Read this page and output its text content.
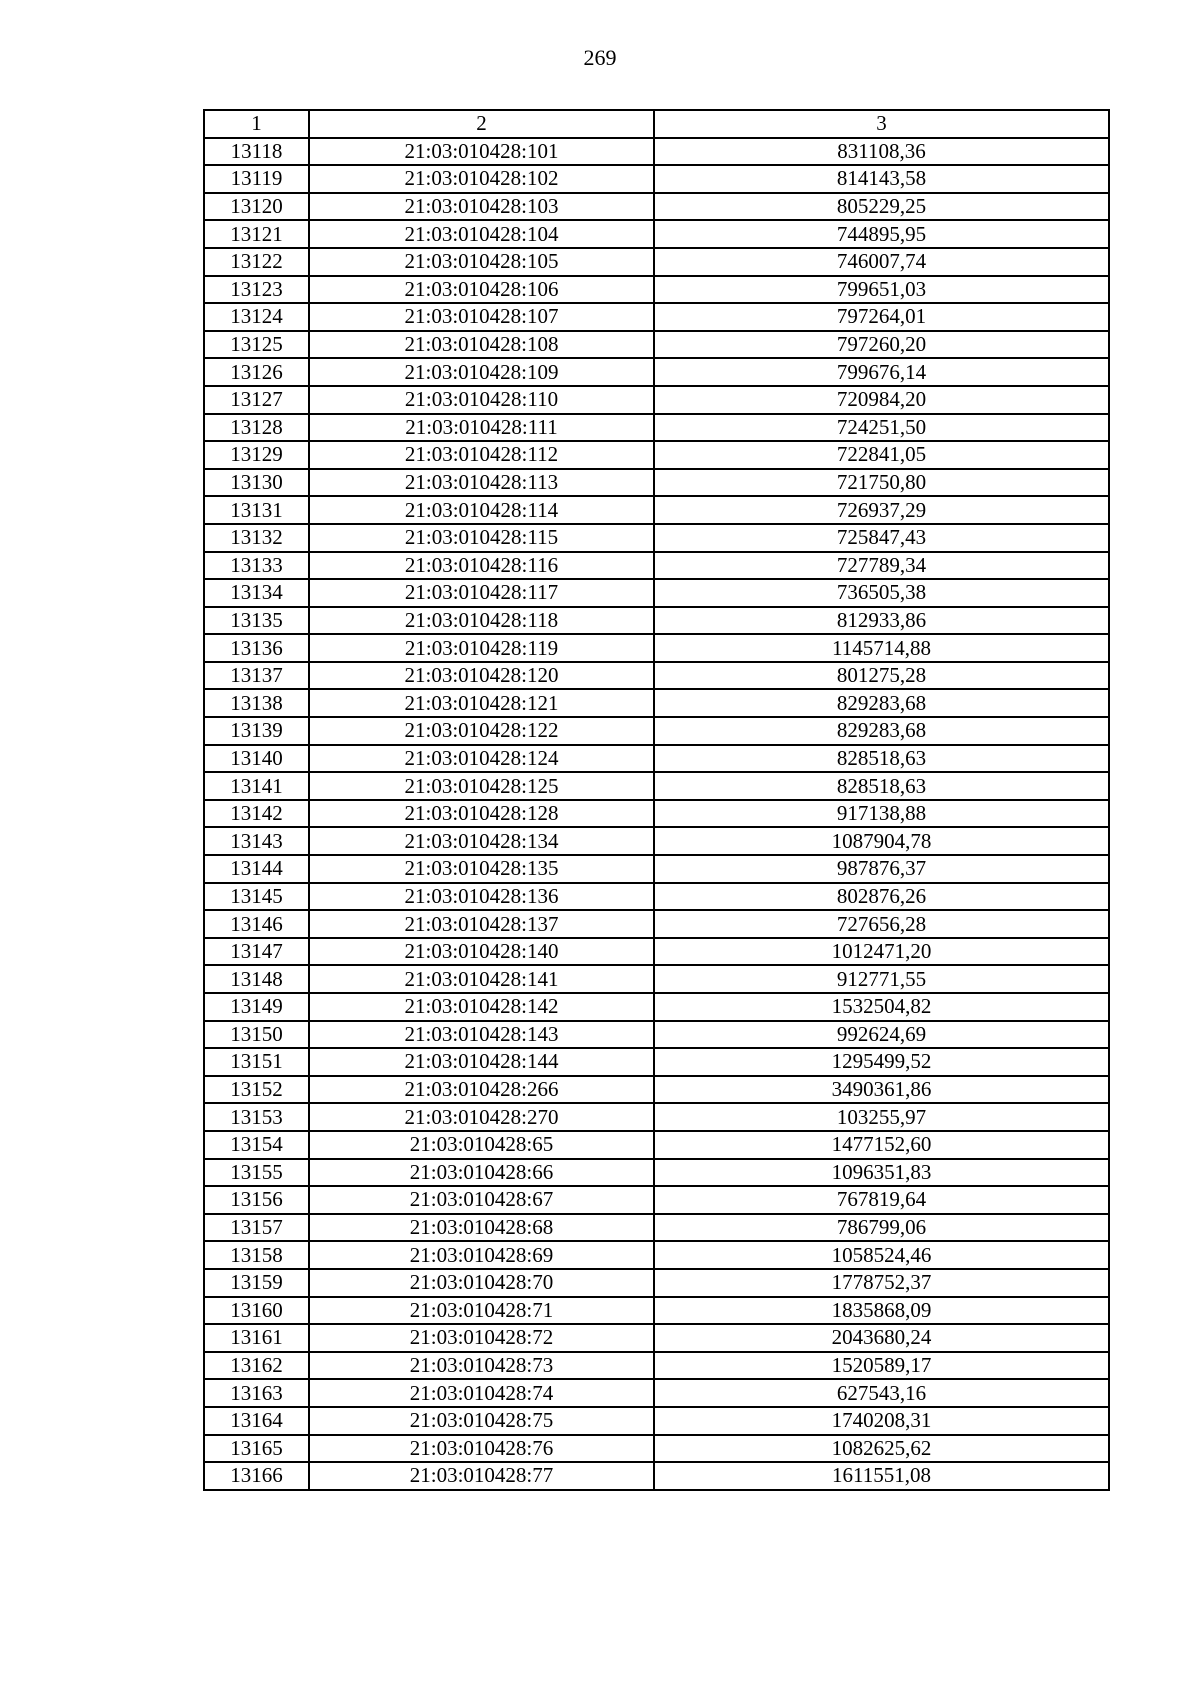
269
1	2	3
13118	21:03:010428:101	831108,36
13119	21:03:010428:102	814143,58
13120	21:03:010428:103	805229,25
13121	21:03:010428:104	744895,95
13122	21:03:010428:105	746007,74
13123	21:03:010428:106	799651,03
13124	21:03:010428:107	797264,01
13125	21:03:010428:108	797260,20
13126	21:03:010428:109	799676,14
13127	21:03:010428:110	720984,20
13128	21:03:010428:111	724251,50
13129	21:03:010428:112	722841,05
13130	21:03:010428:113	721750,80
13131	21:03:010428:114	726937,29
13132	21:03:010428:115	725847,43
13133	21:03:010428:116	727789,34
13134	21:03:010428:117	736505,38
13135	21:03:010428:118	812933,86
13136	21:03:010428:119	1145714,88
13137	21:03:010428:120	801275,28
13138	21:03:010428:121	829283,68
13139	21:03:010428:122	829283,68
13140	21:03:010428:124	828518,63
13141	21:03:010428:125	828518,63
13142	21:03:010428:128	917138,88
13143	21:03:010428:134	1087904,78
13144	21:03:010428:135	987876,37
13145	21:03:010428:136	802876,26
13146	21:03:010428:137	727656,28
13147	21:03:010428:140	1012471,20
13148	21:03:010428:141	912771,55
13149	21:03:010428:142	1532504,82
13150	21:03:010428:143	992624,69
13151	21:03:010428:144	1295499,52
13152	21:03:010428:266	3490361,86
13153	21:03:010428:270	103255,97
13154	21:03:010428:65	1477152,60
13155	21:03:010428:66	1096351,83
13156	21:03:010428:67	767819,64
13157	21:03:010428:68	786799,06
13158	21:03:010428:69	1058524,46
13159	21:03:010428:70	1778752,37
13160	21:03:010428:71	1835868,09
13161	21:03:010428:72	2043680,24
13162	21:03:010428:73	1520589,17
13163	21:03:010428:74	627543,16
13164	21:03:010428:75	1740208,31
13165	21:03:010428:76	1082625,62
13166	21:03:010428:77	1611551,08
